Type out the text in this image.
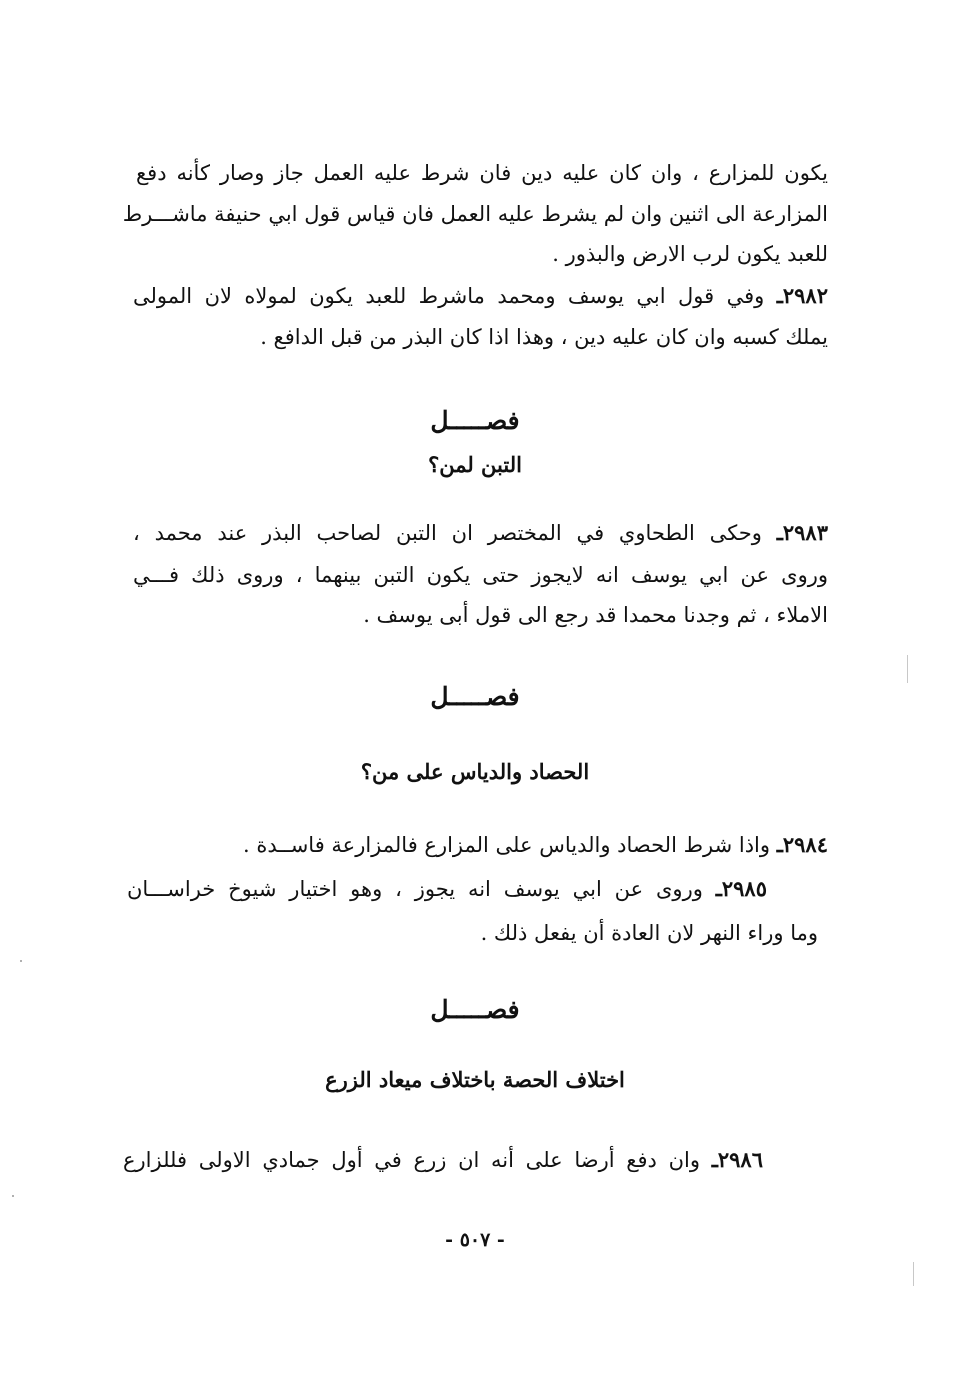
يكون للمزارع ، وان كان عليه دين فان شرط عليه العمل جاز وصار كأنه دفع
المزارعة الى اثنين وان لم يشرط عليه العمل فان قياس قول ابي حنيفة ماشـــرط
للعبد يكون لرب الارض والبذور .
٢٩٨٢ـ وفي قول ابي يوسف ومحمد ماشرط للعبد يكون لمولاه لان المولى
يملك كسبه وان كان عليه دين ، وهذا اذا كان البذر من قبل الدافع .
فصـــــل
التبن لمن؟
٢٩٨٣ـ وحكى الطحاوي في المختصر ان التبن لصاحب البذر عند محمد ،
وروى عن ابي يوسف انه لايجوز حتى يكون التبن بينهما ، وروى ذلك فـــي
الاملاء ، ثم وجدنا محمدا قد رجع الى قول أبى يوسف .
فصـــــل
الحصاد والدياس على من؟
٢٩٨٤ـ واذا شرط الحصاد والدياس على المزارع فالمزارعة فاســدة .
٢٩٨٥ـ وروى عن ابي يوسف انه يجوز ، وهو اختيار شيوخ خراســـان
وما وراء النهر لان العادة أن يفعل ذلك .
فصـــــل
اختلاف الحصة باختلاف ميعاد الزرع
٢٩٨٦ـ وان دفع أرضا على أنه ان زرع في أول جمادي الاولى فللزارع
- ٥٠٧ -
